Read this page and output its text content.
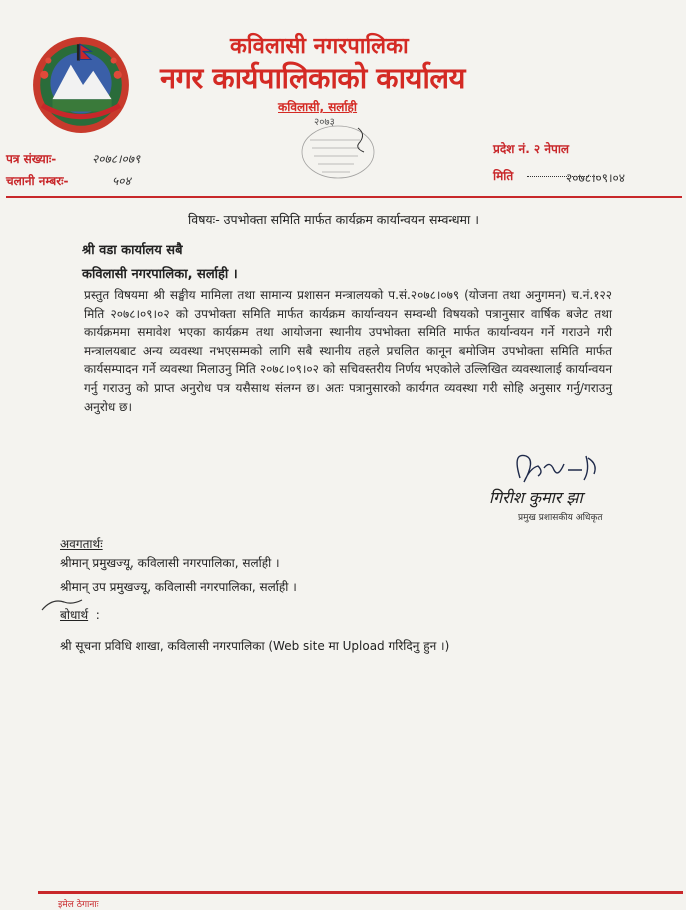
कविलासी नगरपालिका
नगर कार्यपालिकाको कार्यालय
कविलासी, सर्लाही
२०७३
पत्र संख्याः-	२०७८।०७९
चलानी नम्बरः-	५०४
प्रदेश नं. २ नेपाल
मिति	२०७८।०९।०४
विषयः- उपभोक्ता समिति मार्फत कार्यक्रम कार्यान्वयन सम्वन्धमा ।
श्री वडा कार्यालय सबै
कविलासी नगरपालिका, सर्लाही ।
प्रस्तुत विषयमा श्री सङ्घीय मामिला तथा सामान्य प्रशासन मन्त्रालयको प.सं.२०७८।०७९ (योजना तथा अनुगमन) च.नं.१२२ मिति २०७८।०९।०२ को उपभोक्ता समिति मार्फत कार्यक्रम कार्यान्वयन सम्वन्धी विषयको पत्रानुसार वार्षिक बजेट तथा कार्यक्रममा समावेश भएका कार्यक्रम तथा आयोजना स्थानीय उपभोक्ता समिति मार्फत कार्यान्वयन गर्ने गराउने गरी मन्त्रालयबाट अन्य व्यवस्था नभएसम्मको लागि सबै स्थानीय तहले प्रचलित कानून बमोजिम उपभोक्ता समिति मार्फत कार्यसम्पादन गर्ने व्यवस्था मिलाउनु मिति २०७८।०९।०२ को सचिवस्तरीय निर्णय भएकोले उल्लिखित व्यवस्थालाई कार्यान्वयन गर्नु गराउनु को प्राप्त अनुरोध पत्र यसैसाथ संलग्न छ। अतः पत्रानुसारको कार्यगत व्यवस्था गरी सोहि अनुसार गर्नु/गराउनु अनुरोध छ।
गिरीश कुमार झा
प्रमुख प्रशासकीय अधिकृत
अवगतार्थः
श्रीमान् प्रमुखज्यू, कविलासी नगरपालिका, सर्लाही ।
श्रीमान् उप प्रमुखज्यू, कविलासी नगरपालिका, सर्लाही ।
बोधार्थ :
श्री सूचना प्रविधि शाखा, कविलासी नगरपालिका (Web site मा Upload गरिदिनु हुन ।)
इमेल ठेगानाः
